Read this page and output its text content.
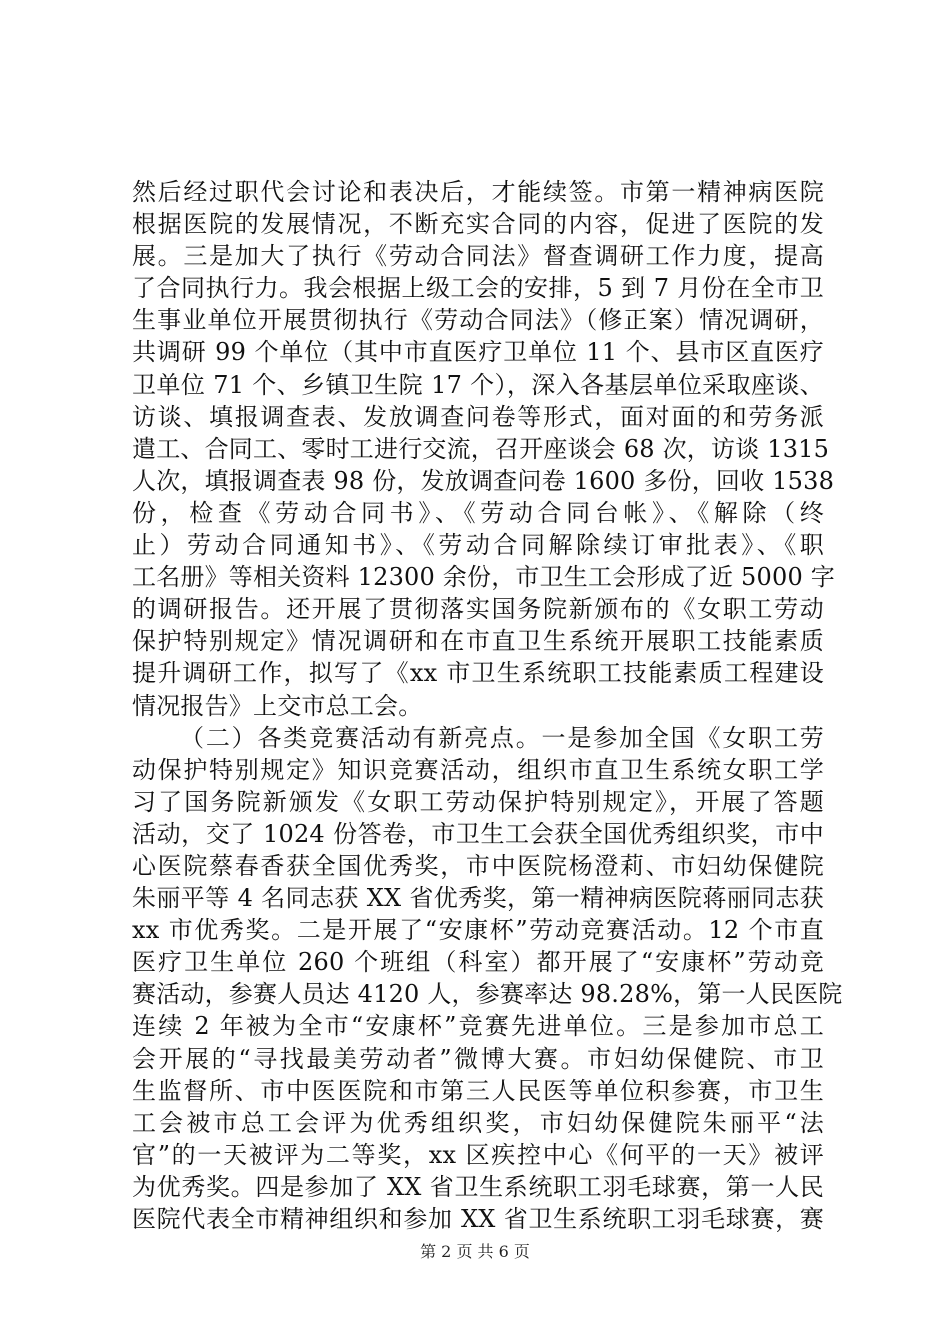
然后经过职代会讨论和表决后，才能续签。市第一精神病医院
根据医院的发展情况，不断充实合同的内容，促进了医院的发
展。三是加大了执行《劳动合同法》督查调研工作力度，提高
了合同执行力。我会根据上级工会的安排，5 到 7 月份在全市卫
生事业单位开展贯彻执行《劳动合同法》（修正案）情况调研，
共调研 99 个单位（其中市直医疗卫单位 11 个、县市区直医疗
卫单位 71 个、乡镇卫生院 17 个），深入各基层单位采取座谈、
访谈、填报调查表、发放调查问卷等形式，面对面的和劳务派
遣工、合同工、零时工进行交流，召开座谈会 68 次，访谈 1315
人次，填报调查表 98 份，发放调查问卷 1600 多份，回收 1538
份，检查《劳动合同书》、《劳动合同台帐》、《解除（终
止）劳动合同通知书》、《劳动合同解除续订审批表》、《职
工名册》等相关资料 12300 余份，市卫生工会形成了近 5000 字
的调研报告。还开展了贯彻落实国务院新颁布的《女职工劳动
保护特别规定》情况调研和在市直卫生系统开展职工技能素质
提升调研工作，拟写了《xx 市卫生系统职工技能素质工程建设
情况报告》上交市总工会。
（二）各类竞赛活动有新亮点。一是参加全国《女职工劳
动保护特别规定》知识竞赛活动，组织市直卫生系统女职工学
习了国务院新颁发《女职工劳动保护特别规定》，开展了答题
活动，交了 1024 份答卷，市卫生工会获全国优秀组织奖，市中
心医院蔡春香获全国优秀奖，市中医院杨澄莉、市妇幼保健院
朱丽平等 4 名同志获 XX 省优秀奖，第一精神病医院蒋丽同志获
xx 市优秀奖。二是开展了“安康杯”劳动竞赛活动。12 个市直
医疗卫生单位 260 个班组（科室）都开展了“安康杯”劳动竞
赛活动，参赛人员达 4120 人，参赛率达 98.28%，第一人民医院
连续 2 年被为全市“安康杯”竞赛先进单位。三是参加市总工
会开展的“寻找最美劳动者”微博大赛。市妇幼保健院、市卫
生监督所、市中医医院和市第三人民医等单位积参赛，市卫生
工会被市总工会评为优秀组织奖，市妇幼保健院朱丽平“法
官”的一天被评为二等奖，xx 区疾控中心《何平的一天》被评
为优秀奖。四是参加了 XX 省卫生系统职工羽毛球赛，第一人民
医院代表全市精神组织和参加 XX 省卫生系统职工羽毛球赛，赛
第 2 页 共 6 页
